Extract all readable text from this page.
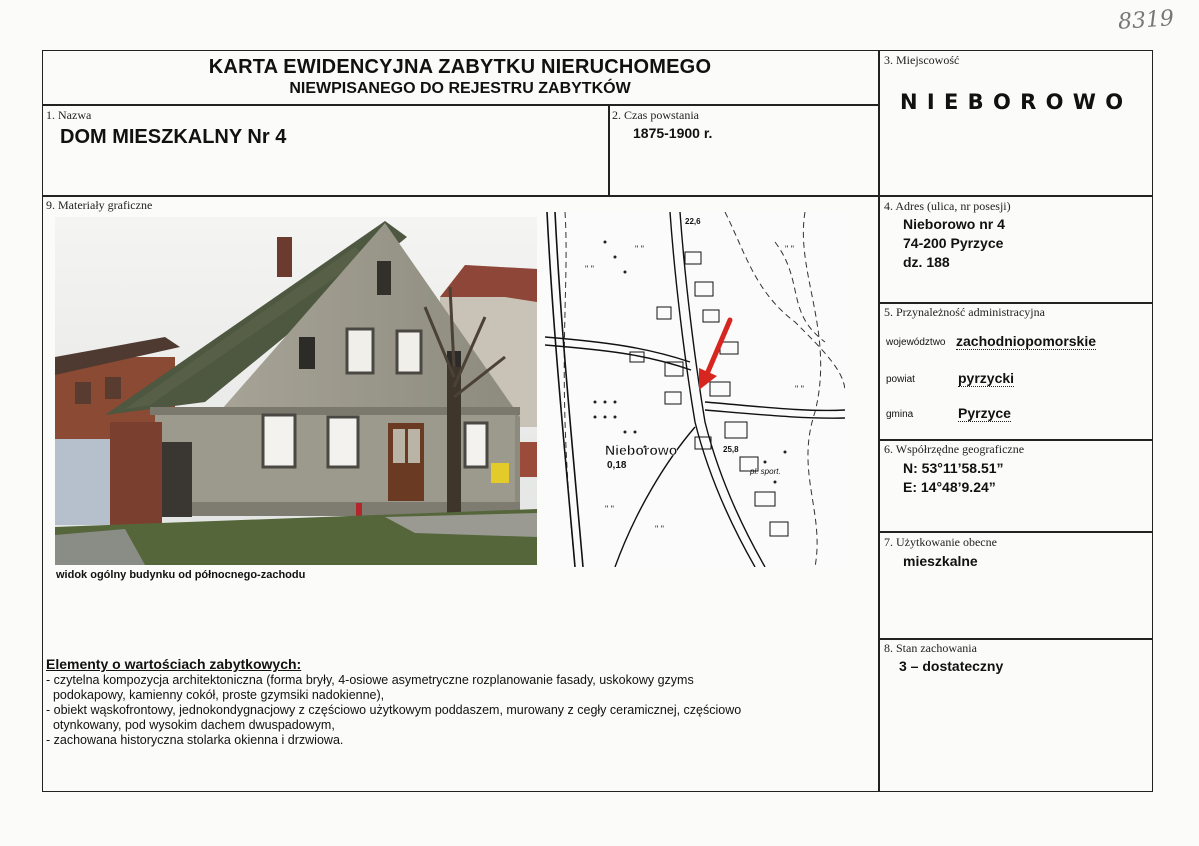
8319
KARTA EWIDENCYJNA ZABYTKU NIERUCHOMEGO
NIEWPISANEGO DO REJESTRU ZABYTKÓW
1. Nazwa
DOM MIESZKALNY Nr 4
2. Czas powstania
1875-1900 r.
3. Miejscowość
N I E B O R O W O
4. Adres (ulica, nr posesji)
Nieborowo nr 4
74-200 Pyrzyce
dz. 188
5. Przynależność administracyjna
województwo zachodniopomorskie
powiat	pyrzycki
gmina	Pyrzyce
6. Współrzędne geograficzne
N: 53°11’58.51”
E: 14°48’9.24”
7. Użytkowanie obecne
mieszkalne
8. Stan zachowania
3 – dostateczny
9. Materiały graficzne
widok ogólny budynku od północnego-zachodu
" "
" "
" "
" "
" "
" "
Nieborowo
0,18
22,6
25,8
pl. sport.
Elementy o wartościach zabytkowych:
- czytelna kompozycja architektoniczna (forma bryły, 4-osiowe asymetryczne rozplanowanie fasady, uskokowy gzyms
podokapowy, kamienny cokół, proste gzymsiki nadokienne),
- obiekt wąskofrontowy, jednokondygnacjowy z częściowo użytkowym poddaszem, murowany z cegły ceramicznej, częściowo
otynkowany, pod wysokim dachem dwuspadowym,
- zachowana historyczna stolarka okienna i drzwiowa.
